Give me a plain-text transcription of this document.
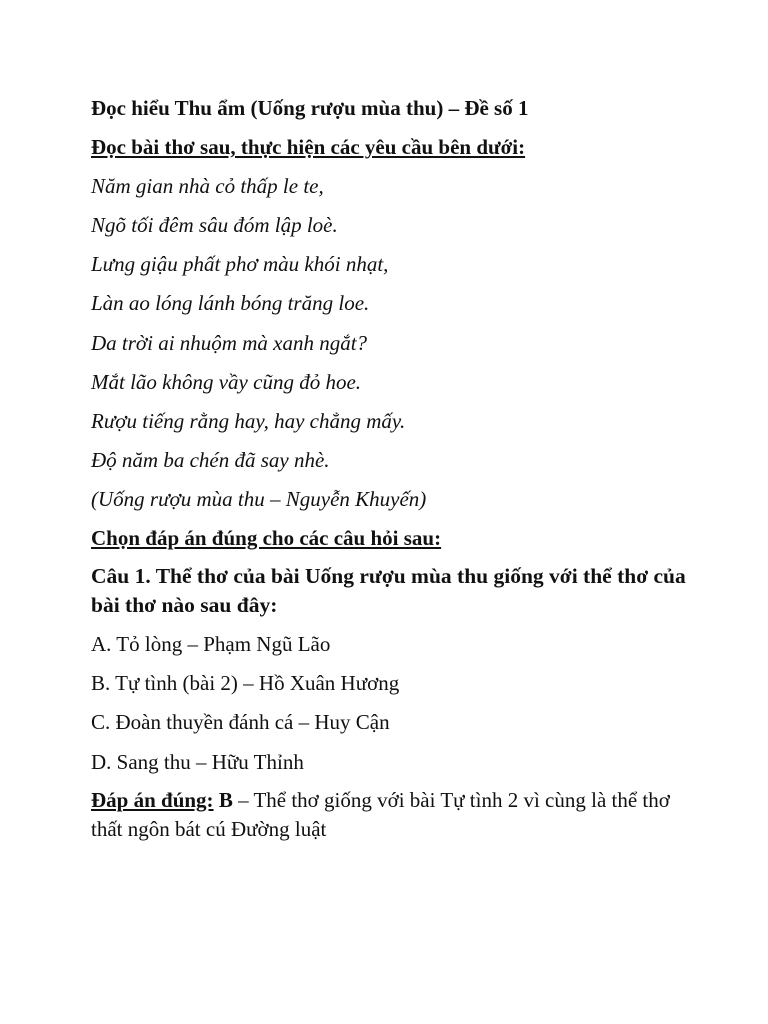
Đọc hiểu Thu ẩm (Uống rượu mùa thu) – Đề số 1
Đọc bài thơ sau, thực hiện các yêu cầu bên dưới:
Năm gian nhà cỏ thấp le te,
Ngõ tối đêm sâu đóm lập loè.
Lưng giậu phất phơ màu khói nhạt,
Làn ao lóng lánh bóng trăng loe.
Da trời ai nhuộm mà xanh ngắt?
Mắt lão không vầy cũng đỏ hoe.
Rượu tiếng rằng hay, hay chẳng mấy.
Độ năm ba chén đã say nhè.
(Uống rượu mùa thu – Nguyễn Khuyến)
Chọn đáp án đúng cho các câu hỏi sau:
Câu 1. Thể thơ của bài Uống rượu mùa thu giống với thể thơ của bài thơ nào sau đây:
A. Tỏ lòng – Phạm Ngũ Lão
B. Tự tình (bài 2) – Hồ Xuân Hương
C. Đoàn thuyền đánh cá – Huy Cận
D. Sang thu – Hữu Thỉnh
Đáp án đúng: B – Thể thơ giống với bài Tự tình 2 vì cùng là thể thơ thất ngôn bát cú Đường luật
